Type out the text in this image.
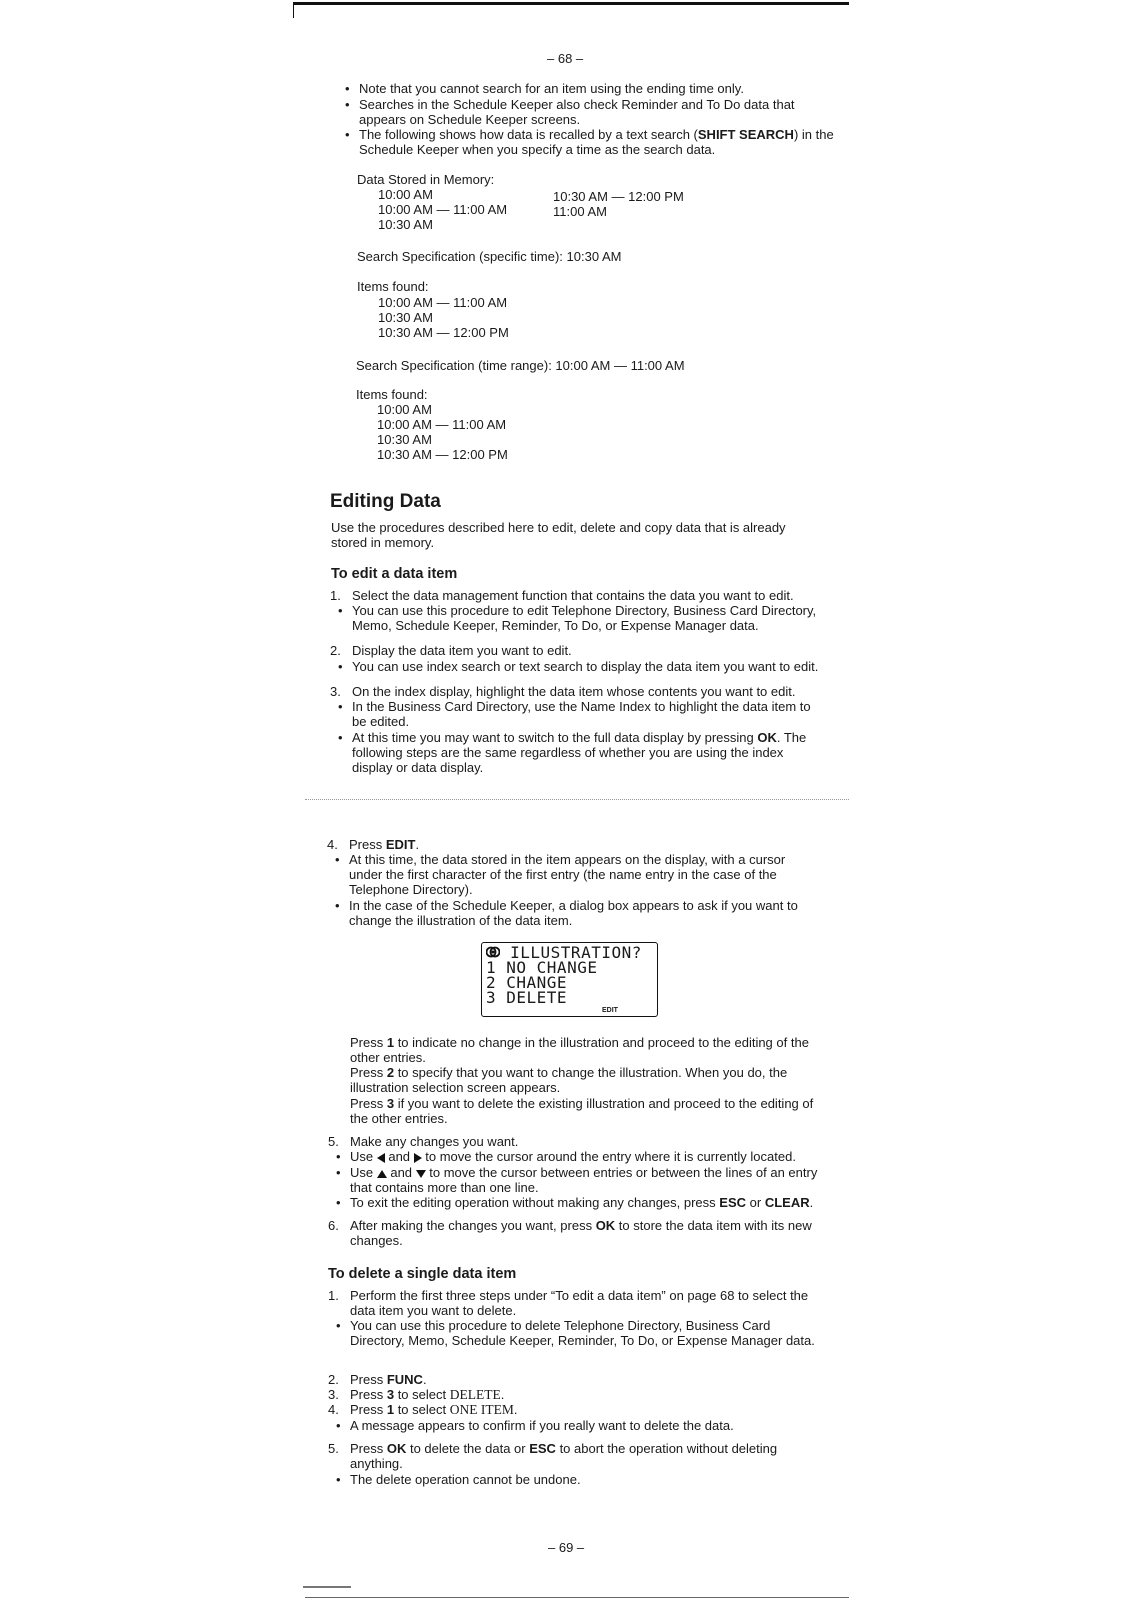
– 68 –
• Note that you cannot search for an item using the ending time only.
• Searches in the Schedule Keeper also check Reminder and To Do data that appears on Schedule Keeper screens.
• The following shows how data is recalled by a text search (SHIFT SEARCH) in the Schedule Keeper when you specify a time as the search data.
Data Stored in Memory:
10:00 AM
10:00 AM — 11:00 AM
10:30 AM
10:30 AM — 12:00 PM
11:00 AM
Search Specification (specific time): 10:30 AM
Items found:
10:00 AM — 11:00 AM
10:30 AM
10:30 AM — 12:00 PM
Search Specification (time range): 10:00 AM — 11:00 AM
Items found:
10:00 AM
10:00 AM — 11:00 AM
10:30 AM
10:30 AM — 12:00 PM
Editing Data
Use the procedures described here to edit, delete and copy data that is already stored in memory.
To edit a data item
1. Select the data management function that contains the data you want to edit.
• You can use this procedure to edit Telephone Directory, Business Card Directory, Memo, Schedule Keeper, Reminder, To Do, or Expense Manager data.
2. Display the data item you want to edit.
• You can use index search or text search to display the data item you want to edit.
3. On the index display, highlight the data item whose contents you want to edit.
• In the Business Card Directory, use the Name Index to highlight the data item to be edited.
• At this time you may want to switch to the full data display by pressing OK. The following steps are the same regardless of whether you are using the index display or data display.
4. Press EDIT.
• At this time, the data stored in the item appears on the display, with a cursor under the first character of the first entry (the name entry in the case of the Telephone Directory).
• In the case of the Schedule Keeper, a dialog box appears to ask if you want to change the illustration of the data item.
ILLUSTRATION?
1 NO CHANGE
2 CHANGE
3 DELETE
EDIT
Press 1 to indicate no change in the illustration and proceed to the editing of the other entries.
Press 2 to specify that you want to change the illustration. When you do, the illustration selection screen appears.
Press 3 if you want to delete the existing illustration and proceed to the editing of the other entries.
5. Make any changes you want.
• Use  and  to move the cursor around the entry where it is currently located.
• Use  and  to move the cursor between entries or between the lines of an entry that contains more than one line.
• To exit the editing operation without making any changes, press ESC or CLEAR.
6. After making the changes you want, press OK to store the data item with its new changes.
To delete a single data item
1. Perform the first three steps under “To edit a data item” on page 68 to select the data item you want to delete.
• You can use this procedure to delete Telephone Directory, Business Card Directory, Memo, Schedule Keeper, Reminder, To Do, or Expense Manager data.
2. Press FUNC.
3. Press 3 to select DELETE.
4. Press 1 to select ONE ITEM.
• A message appears to confirm if you really want to delete the data.
5. Press OK to delete the data or ESC to abort the operation without deleting anything.
• The delete operation cannot be undone.
– 69 –
